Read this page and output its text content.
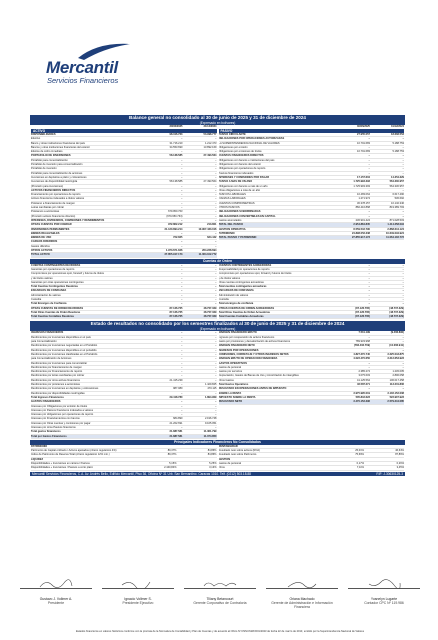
Mercantil
Servicios Financieros
Balance general no consolidado al 30 de junio de 2025 y 31 de diciembre de 2024
(Expresado en bolívares)
30/06/2025	31/12/2024
ACTIVO
DISPONIBILIDADES	98.316.763	53.998.777
Efectivo	–	–
Banco y otras instituciones financieras del país	31.716.210	1.212.473
Bancos y otras instituciones financieras del exterior	34.553.690	13.892.169
Efectos de cobro inmediato	–	–
PORTAFOLIO DE INVERSIONES	58.138.585	27.493.564
Portafolio para comercialización	–	–
Portafolio de inversión para comercialización	–	–
Portafolio de inversión	–	–
Portafolio para comercialización de acciones	–	–
Inversiones en depósitos a plazo y colocaciones	–	–
Inversiones de disponibilidad restringida	58.138.585	27.493.564
(Provisión para inversiones)	–	–
ACTIVOS FINANCIEROS DIRECTOS	–	–
Financiamiento por operaciones de reporto	–	–
Activos financieros indexados a títulos valores	–	–
Préstamo a financiamiento de margen	–	–
Letras cambiarias por cobrar	–	–
Préstamos a accionistas	679.950.763	–
(Provisión activos financieros directos)	(679.950.763)	–
INTERESES, DIVIDENDOS, COMISIONES Y RENDIMIENTOS	–	–
OTRAS CUENTAS POR COBRAR	972.862.212	213.801
INVERSIONES PERMANENTES	21.120.894.214	10.907.423.016
BIENES REALIZABLES	–	–
BIENES DE USO	722.825	634.442
CARGOS DIFERIDOS	–	–
Gastos diferidos	–	–
OTROS ACTIVOS	1.973.671.846	264.238.694
TOTAL ACTIVO	27.855.917.173	11.064.102.772
30/06/2025	31/12/2024
PASIVO
PASIVO CIRCULANTE	27.955.057	18.683.553
OBLIGACIONES POR OPERACIONES AUTORIZADAS	–	–
LA SUPERINTENDENCIA NACIONAL DE VALORES	10.791.683	5.188.753
Obligaciones por emisión	–	–
Obligaciones por emisiones de títulos	10.791.683	5.188.753
CUENTAS FINANCIEROS DIRECTOS	–	–
Obligaciones con bancos e instituciones del país	–	–
Obligaciones con bancos del exterior	–	–
Obligaciones por operaciones de reporto	–	–
Pasivos financieros indexados	–	–
INTERESES Y COMISIONES POR PAGAR	17.157.604	14.354.329
PASIVO A MÁS DE UN AÑO	1.725.993.393	564.330.957
Obligaciones con bancos a más de un año	1.725.993.393	564.330.957
Otras obligaciones a más de un año	–	–
PASIVOS LABORALES	10.483.064	6.617.490
FIANZAS LABORALES	1.271.974	536.692
CUENTAS COMPROMETIDAS	30.378.157	10.132.346
OTROS PASIVOS	882.416.868	819.389.793
OBLIGACIONES SUBORDINADAS	–	–
OBLIGACIONES CONVERTIBLES EN CAPITAL	–	–
Gastos acumulados	236.901.424	871.028.503
TOTAL DEL PASIVO	2.954.884.835	1.414.258.094
GESTIÓN OPERATIVA	8.559.542.790	2.868.644.124
PATRIMONIO	24.898.052.338	10.649.094.924
TOTAL PASIVO Y PATRIMONIO	27.855.917.173	11.064.102.772
Cuentas de Orden
CUENTAS CONTINGENTES DEUDORAS	–	–
Garantías por operaciones de reporto	–	–
Compromisos por operaciones spot, forward y futuros de títulos	–	–
y de títulos valores	–	–
Garantías por otras operaciones contingentes	–	–
Total Cuentas Contingentes Deudoras	–	–
ENCARGOS DE CONFIANZA	–	–
Administración de valores	–	–
Custodia	–	–
Total Encargos de Confianza	–	–
OTRAS CUENTAS DE ORDEN DEUDORAS	87.126.765	48.707.329
Total Otras Cuentas de Orden Deudoras	87.126.765	48.707.329
Total Cuentas Contables Deudoras	87.126.765	48.707.329
CUENTAS CONTINGENTES ACREEDORAS	–	–
Responsabilidad por operaciones de reporto	–	–
Compromisos por operaciones spot, forward y futuros de títulos	–	–
y de títulos valores	–	–
Otras cuentas contingentes acreedoras	–	–
Total cuentas contingentes acreedoras	–	–
ENCARGOS DE CONFIANZA	–	–
Administración de valores	–	–
Custodia	–	–
Total encargos de confianza	–	–
OTRAS CUENTAS DE ORDEN ACREEDORAS	(87.126.765)	(48.707.329)
Total Otras Cuentas de Orden Acreedoras	(87.126.765)	(48.707.329)
Total Cuentas Contables Acreedoras	(87.126.765)	(48.707.329)
Estado de resultados no consolidado por los semestres finalizados al 30 de junio de 2025 y 31 de diciembre de 2024
(Expresado en bolívares)
INGRESOS FINANCIEROS	–	–
Rendimientos por inversiones disponibles en el país	–	–
para Comercialización	–	–
Rendimientos por inversiones negociadas en el Portafolio	–	–
Rendimientos por inversiones disponibles en el portafolio	–	–
Rendimientos por inversiones clasificadas en el Portafolio	–	–
para Comercialización de Acciones	–	–
Rendimientos por inversiones para comercializar	–	–
Rendimientos por financiamiento de margen	–	–
Rendimientos por Financiamiento de reporto	–	–
Rendimientos por letras cambiarias por cobrar	–	–
Rendimientos por otros activos financieros	21.415.239	–
Rendimientos por préstamos a accionistas	–	1.429.825
Rendimientos por inversiones en depósitos y colocaciones	987.080	470.115
Rendimientos por disponibilidades restringidas	–	–
Total Ingresos Financieros	29.418.780	1.894.909
GASTOS FINANCIEROS	–	–
Intereses por Obligaciones por emisión de títulos	–	–
Intereses por Pasivos financieros indexados a valores	–	–
Intereses por obligaciones por operaciones de reporto	–	–
Intereses por Financiamientos con bancos	684.890	2.196.748
Intereses por Otras cuentas y comisiones por pagar	21.202.691	9.165.051
Intereses por otros Pasivos financieros	–	–
Total gastos financieros	21.887.581	11.361.799
Total por Gastos Financieros	21.887.581	11.074.850
MARGEN FINANCIERO BRUTO	7.531.199	(9.466.890)
Ingresos por recuperación de activos financieros	–	–
Gasto por provisiones y desvalorización de activos financieros	789.933.968	–
MARGEN FINANCIERO NETO	(782.402.769)	(10.066.941)
INGRESOS POR OPERACIONES	–	–
COMISIONES, CORRETAJE Y OTROS INGRESOS NETOS	4.827.270.740	3.225.043.875
MARGEN BRUTO DE OPERACIÓN FINANCIERA	4.022.470.650	3.212.653.923
GASTOS OPERATIVOS	–	–
Gastos de personal	–	–
Gastos por servicios	2.385.274	1.245.005
Depreciación, Gastos de Bienes de Uso y Amortización de intangibles	3.075.603	2.896.058
Otros Gastos	41.125.564	106.017.458
Total Gastos Operativos	46.587.271	113.201.806
RESULTADO EN OPERACIONES ANTES DE IMPUESTO	–	–
SOBRE LA RENTA	3.975.995.019	3.102.152.008
IMPUESTO SOBRE LA RENTA	505.842.623	522.907.923
RESULTADO NETO	3.470.152.396	2.579.244.085
Principales Indicadores Financieros No Consolidados
PATRIMONIO
Patrimonio de Capital ordinario / Activos ajustados (criterio regulatorio 4%)	89,37%	84,86%
Índice de Patrimonio de Reserva Total (criterio regulatorio 12% mín.)	89,37%	84,86%
LIQUIDEZ
Disponibilidades + Inversiones en cartera / Pasivos	5,15%	5,25%
Disponibilidades + Inversiones / Pasivos a corto plazo	2.440,84%	3,13%
RENTABILIDAD
Resultado neto sobre activos (ROA)	25,01%	46,64%
Resultado neto sobre Patrimonio	75,69%	87,86%
GESTIÓN
Gastos de personal	0,17%	0,26%
Otros	7,11%	3,45%
Mercantil Servicios Financieros, C.A. Av. Andrés Bello, Edificio Mercantil, Piso 36, Oficina Nº 31 Urb. San Bernardino. Caracas 1010. Telf. (0212) 503.18.88	RIF: J-30630125-3
Gustavo J. Vollmer A.
Presidente
Ignacio Vollmer S.
Presidente Ejecutivo
Tiliany Betancourt
Gerente Corporativo de Contraloría
Oriana Machado
Gerente de Administración e Información Financiera
Yusnelyn Lugarte
Contador CPC Nº 119.986
Estados financieros en valores históricos conforme con la prorrata de la Normativa de Contabilidad y Plan de Cuentas y de acuerdo al Oficio Nº DSNV/GRF/001/2023 de fecha 22 de marzo de 2013, emitido por la Superintendencia Nacional de Valores
